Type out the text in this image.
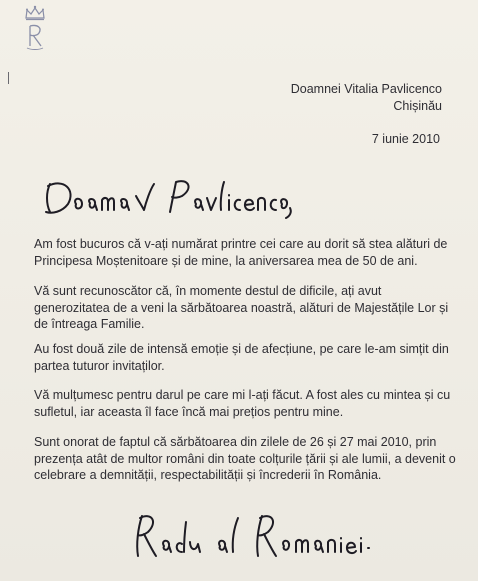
Doamnei Vitalia Pavlicenco
Chișinău
7 iunie 2010

Am fost bucuros că v-ați numărat printre cei care au dorit să stea alături de Principesa Moștenitoare și de mine, la aniversarea mea de 50 de ani.

Vă sunt recunoscător că, în momente destul de dificile, ați avut generozitatea de a veni la sărbătoarea noastră, alături de Majestățile Lor și de întreaga Familie.

Au fost două zile de intensă emoție și de afecțiune, pe care le-am simțit din partea tuturor invitaților.

Vă mulțumesc pentru darul pe care mi l-ați făcut. A fost ales cu mintea și cu sufletul, iar aceasta îl face încă mai prețios pentru mine.

Sunt onorat de faptul că sărbătoarea din zilele de 26 și 27 mai 2010, prin prezența atât de multor români din toate colțurile țării și ale lumii, a devenit o celebrare a demnității, respectabilității și încrederii în România.
